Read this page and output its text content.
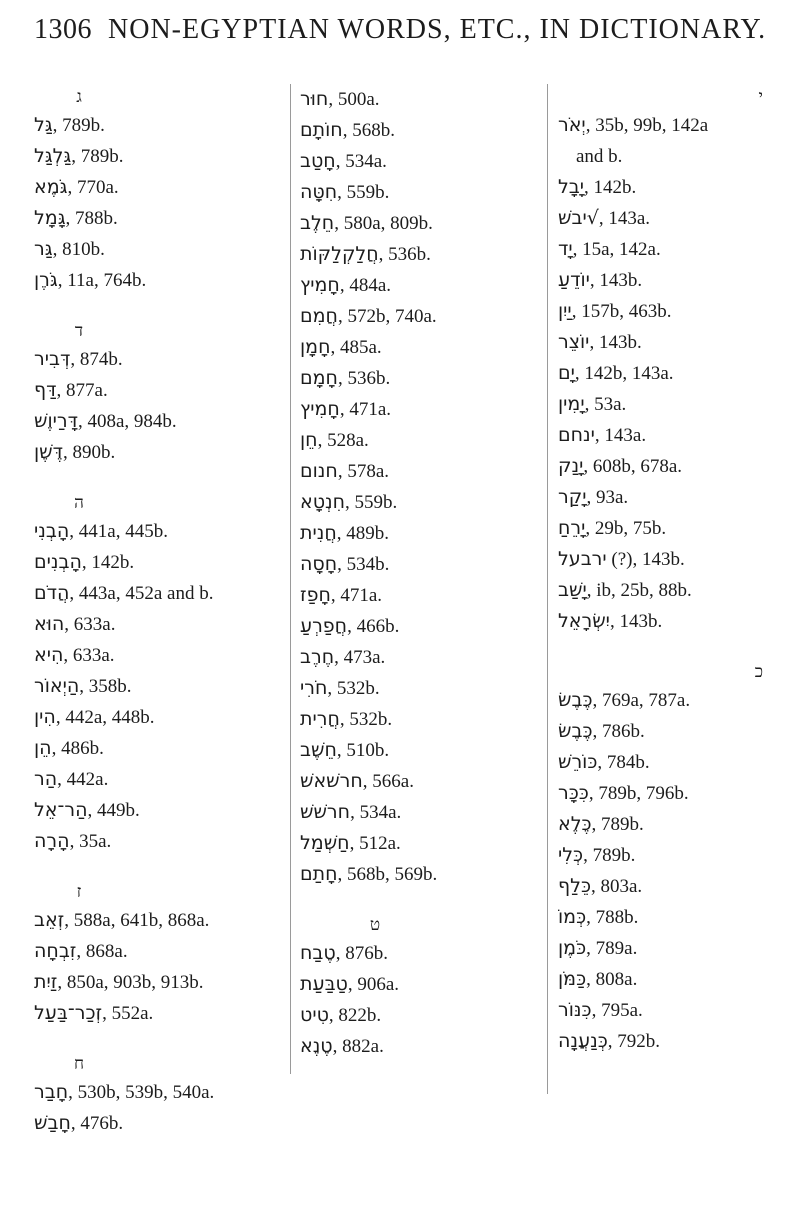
1306 NON-EGYPTIAN WORDS, ETC., IN DICTIONARY.
ג
גַּל, 789b.
גַּלְגַּל, 789b.
גֹּמֶא, 770a.
גָּמָל, 788b.
גַּר, 810b.
גֹּרֶן, 11a, 764b.
ד
דְּבִיר, 874b.
דַּף, 877a.
דָּרַיוֶשׁ, 408a, 984b.
דֶּשֶׁן, 890b.
ה
הָבְנִי, 441a, 445b.
הָבְנִים, 142b.
הֲדֹם, 443a, 452a and b.
הוּא, 633a.
הִיא, 633a.
הַיְאוֹר, 358b.
הִין, 442a, 448b.
הֵן, 486b.
הַר, 442a.
הַר־אֵל, 449b.
הָרָה, 35a.
ז
זְאֵב, 588a, 641b, 868a.
זִבְחָה, 868a.
זַיִת, 850a, 903b, 913b.
זְכַר־בַּעַל, 552a.
ח
חָבַר, 530b, 539b, 540a.
חָבַשׁ, 476b.
חוּר, 500a.
חוֹתָם, 568b.
חָטַב, 534a.
חִטָּה, 559b.
חֵלֶב, 580a, 809b.
חֲלַקְלַקּוֹת, 536b.
חָמִיץ, 484a.
חֲמִם, 572b, 740a.
חָמָן, 485a.
חָמָם, 536b.
חָמִיץ, 471a.
חֵן, 528a.
חנום, 578a.
חִנְטָא, 559b.
חֲנִית, 489b.
חָסָה, 534b.
חָפַז, 471a.
חֲפַרְעַ, 466b.
חֶרֶב, 473a.
חֹרִי, 532b.
חֲרִית, 532b.
חֵשֶׁב, 510b.
חרשׁאשׁ, 566a.
חרשׁשׁ, 534a.
חַשְׁמַל, 512a.
חָתַם, 568b, 569b.
ט
טֶבַח, 876b.
טַבַּעַת, 906a.
טִיט, 822b.
טֶנֶא, 882a.
י
יְאֹר, 35b, 99b, 142a
and b.
יָבָל, 142b.
√יבשׁ, 143a.
יָד, 15a, 142a.
יוֹדֵעַ, 143b.
יַיִן, 157b, 463b.
יוֹצֵר, 143b.
יָם, 142b, 143a.
יָמִין, 53a.
ינחם, 143a.
יָנַק, 608b, 678a.
יָקַר, 93a.
יָרֵחַ, 29b, 75b.
ירבעל (?), 143b.
יָשַׁב, ib, 25b, 88b.
יִשְׂרָאֵל, 143b.
כ
כֶּבֶשׂ, 769a, 787a.
כֶּבֶשׂ, 786b.
כּוֹרֵשׁ, 784b.
כִּכָּר, 789b, 796b.
כֶּלֶא, 789b.
כְּלִי, 789b.
כֵּלַף, 803a.
כְּמוֹ, 788b.
כֹּמֶן, 789a.
כַּמֹּן, 808a.
כִּנּוֹר, 795a.
כְּנַעֲנָה, 792b.
